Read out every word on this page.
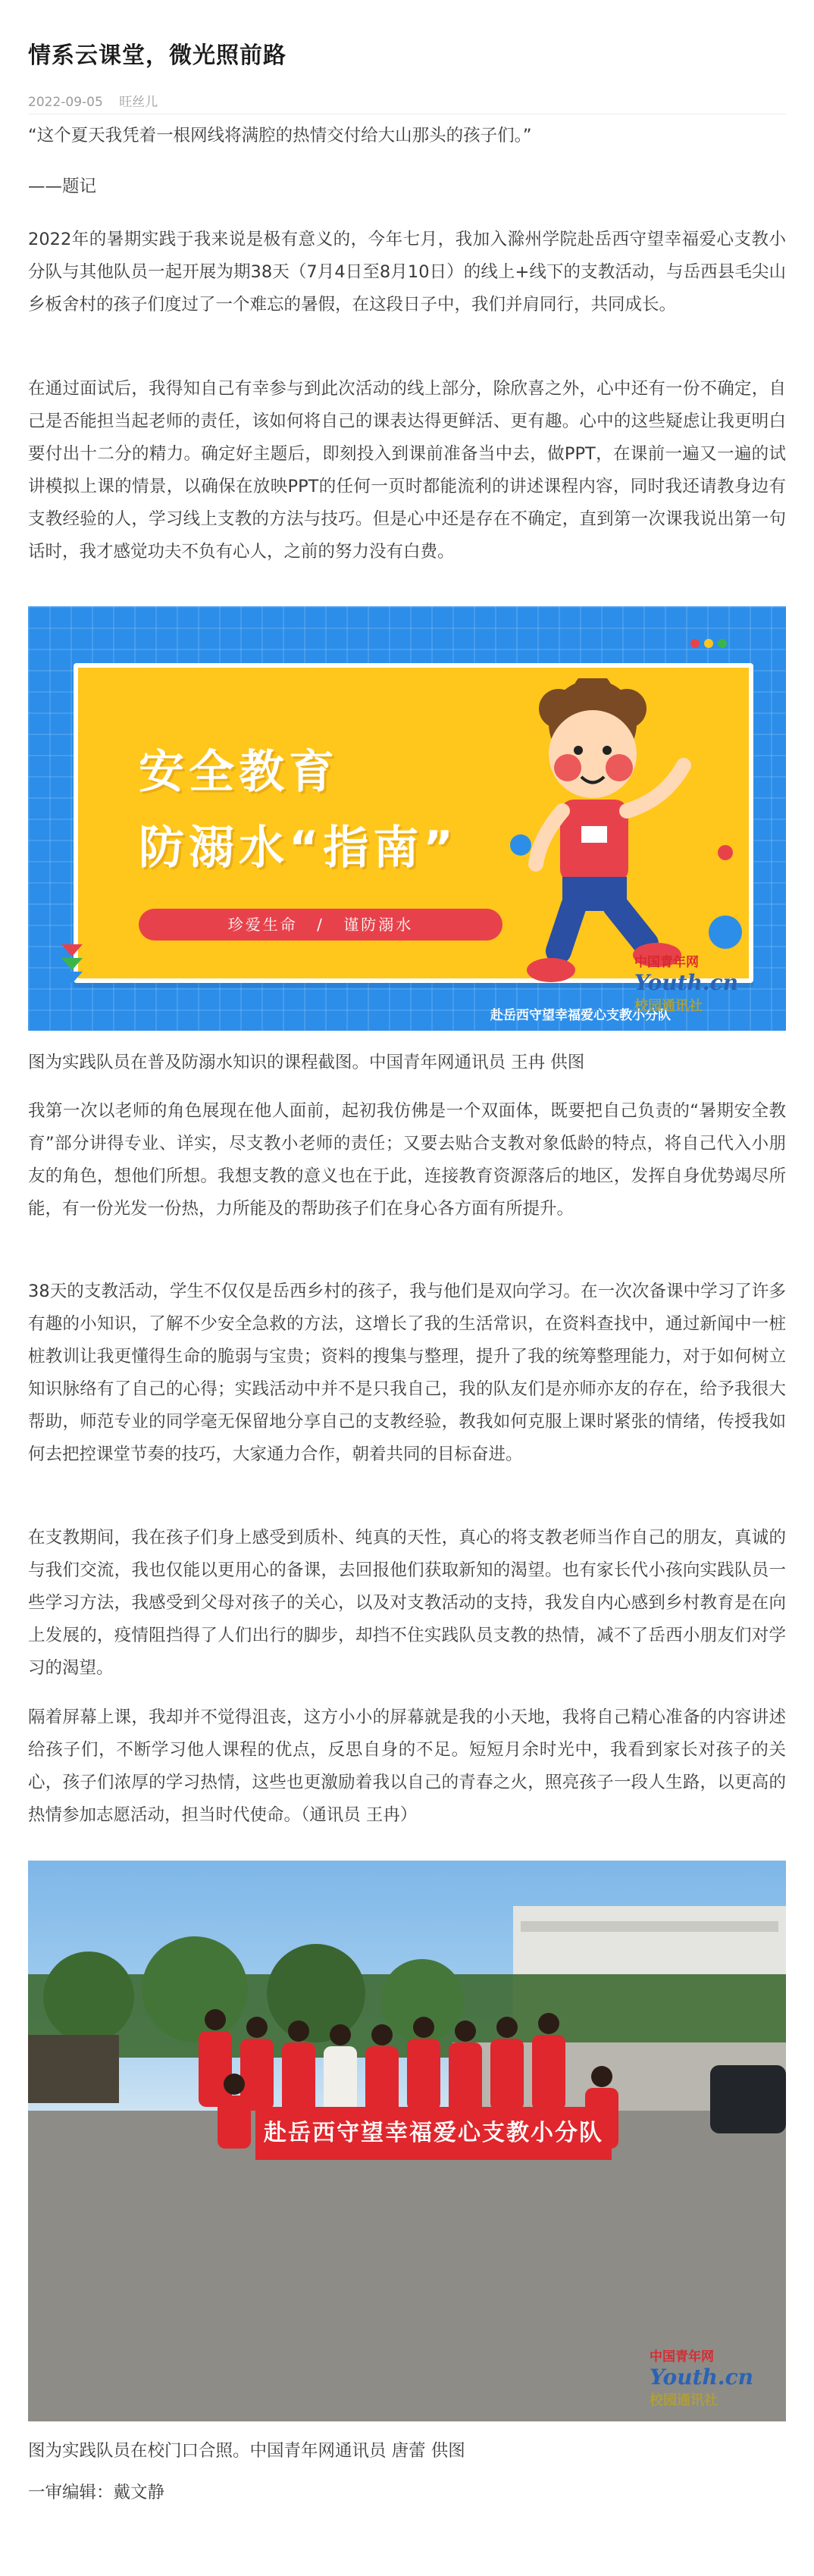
情系云课堂，微光照前路
2022-09-05 旺丝儿

“这个夏天我凭着一根网线将满腔的热情交付给大山那头的孩子们。”

——题记

2022年的暑期实践于我来说是极有意义的，今年七月，我加入滁州学院赴岳西守望幸福爱心支教小分队与其他队员一起开展为期38天（7月4日至8月10日）的线上+线下的支教活动，与岳西县毛尖山乡板舍村的孩子们度过了一个难忘的暑假，在这段日子中，我们并肩同行，共同成长。

在通过面试后，我得知自己有幸参与到此次活动的线上部分，除欣喜之外，心中还有一份不确定，自己是否能担当起老师的责任，该如何将自己的课表达得更鲜活、更有趣。心中的这些疑虑让我更明白要付出十二分的精力。确定好主题后，即刻投入到课前准备当中去，做PPT，在课前一遍又一遍的试讲模拟上课的情景，以确保在放映PPT的任何一页时都能流利的讲述课程内容，同时我还请教身边有支教经验的人，学习线上支教的方法与技巧。但是心中还是存在不确定，直到第一次课我说出第一句话时，我才感觉功夫不负有心人，之前的努力没有白费。

安全教育

防溺水“指南”

珍爱生命 / 谨防溺水
赴岳西守望幸福爱心支教小分队
中国青年网
Youth.cn
校园通讯社

图为实践队员在普及防溺水知识的课程截图。中国青年网通讯员 王冉 供图

我第一次以老师的角色展现在他人面前，起初我仿佛是一个双面体，既要把自己负责的“暑期安全教育”部分讲得专业、详实，尽支教小老师的责任；又要去贴合支教对象低龄的特点，将自己代入小朋友的角色，想他们所想。我想支教的意义也在于此，连接教育资源落后的地区，发挥自身优势竭尽所能，有一份光发一份热，力所能及的帮助孩子们在身心各方面有所提升。

38天的支教活动，学生不仅仅是岳西乡村的孩子，我与他们是双向学习。在一次次备课中学习了许多有趣的小知识，了解不少安全急救的方法，这增长了我的生活常识，在资料查找中，通过新闻中一桩桩教训让我更懂得生命的脆弱与宝贵；资料的搜集与整理，提升了我的统筹整理能力，对于如何树立知识脉络有了自己的心得；实践活动中并不是只我自己，我的队友们是亦师亦友的存在，给予我很大帮助，师范专业的同学毫无保留地分享自己的支教经验，教我如何克服上课时紧张的情绪，传授我如何去把控课堂节奏的技巧，大家通力合作，朝着共同的目标奋进。

在支教期间，我在孩子们身上感受到质朴、纯真的天性，真心的将支教老师当作自己的朋友，真诚的与我们交流，我也仅能以更用心的备课，去回报他们获取新知的渴望。也有家长代小孩向实践队员一些学习方法，我感受到父母对孩子的关心，以及对支教活动的支持，我发自内心感到乡村教育是在向上发展的，疫情阻挡得了人们出行的脚步，却挡不住实践队员支教的热情，减不了岳西小朋友们对学习的渴望。

隔着屏幕上课，我却并不觉得沮丧，这方小小的屏幕就是我的小天地，我将自己精心准备的内容讲述给孩子们，不断学习他人课程的优点，反思自身的不足。短短月余时光中，我看到家长对孩子的关心，孩子们浓厚的学习热情，这些也更激励着我以自己的青春之火，照亮孩子一段人生路，以更高的热情参加志愿活动，担当时代使命。（通讯员 王冉）

赴岳西守望幸福爱心支教小分队
中国青年网
Youth.cn
校园通讯社

图为实践队员在校门口合照。中国青年网通讯员 唐蕾 供图

一审编辑：戴文静
